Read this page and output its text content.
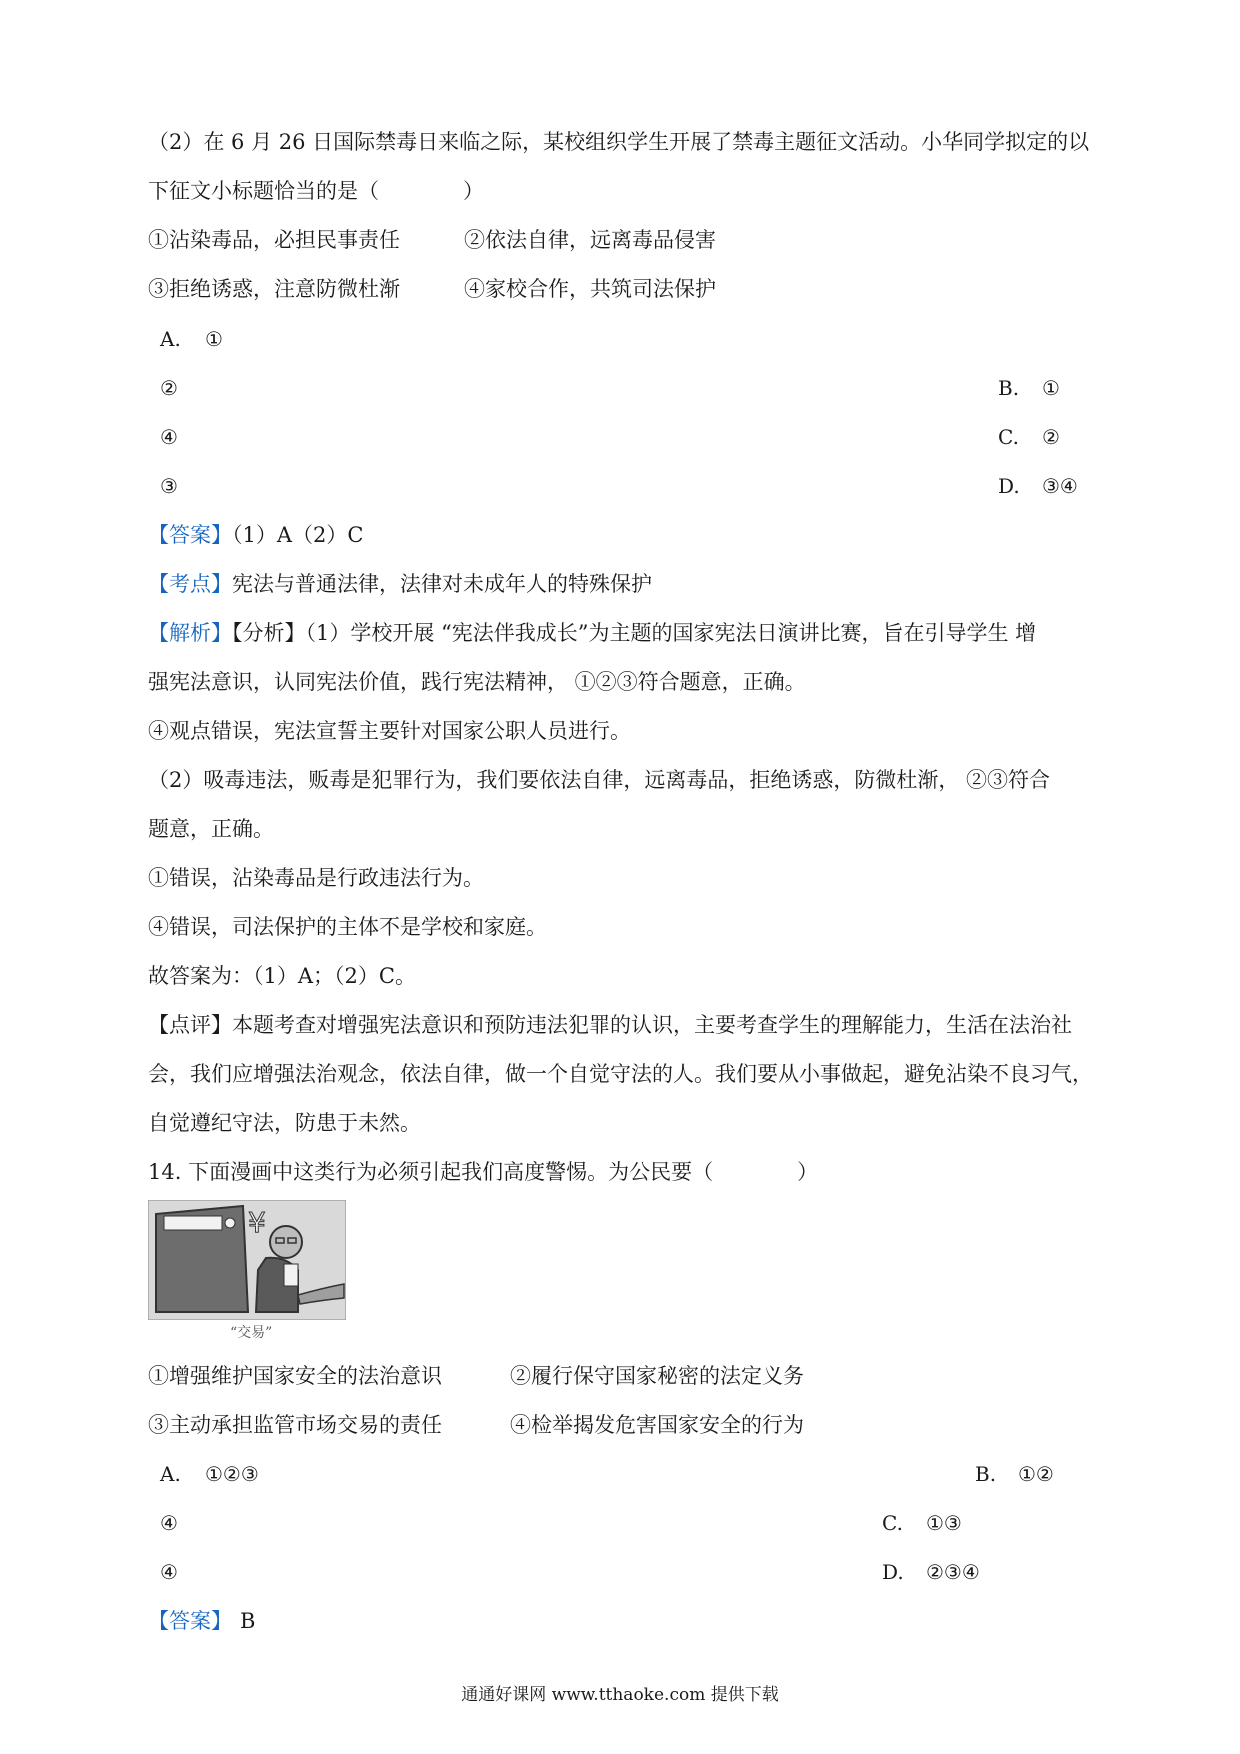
（2）在 6 月 26 日国际禁毒日来临之际，某校组织学生开展了禁毒主题征文活动。小华同学拟定的以
下征文小标题恰当的是（　　　　）
①沾染毒品，必担民事责任	②依法自律，远离毒品侵害
③拒绝诱惑，注意防微杜渐	④家校合作，共筑司法保护
A. ①
②	B. ①
④	C. ②
③	D. ③④
【答案】（1）A（2）C
【考点】宪法与普通法律，法律对未成年人的特殊保护
【解析】【分析】（1）学校开展 “宪法伴我成长”为主题的国家宪法日演讲比赛，旨在引导学生 增
强宪法意识，认同宪法价值，践行宪法精神， ①②③符合题意，正确。
④观点错误，宪法宣誓主要针对国家公职人员进行。
（2）吸毒违法，贩毒是犯罪行为，我们要依法自律，远离毒品，拒绝诱惑，防微杜渐， ②③符合
题意，正确。
①错误，沾染毒品是行政违法行为。
④错误，司法保护的主体不是学校和家庭。
故答案为：（1）A；（2）C。
【点评】本题考查对增强宪法意识和预防违法犯罪的认识，主要考查学生的理解能力，生活在法治社
会，我们应增强法治观念，依法自律，做一个自觉守法的人。我们要从小事做起，避免沾染不良习气，
自觉遵纪守法，防患于未然。
14. 下面漫画中这类行为必须引起我们高度警惕。为公民要（　　　　）
¥
“交易”
①增强维护国家安全的法治意识	②履行保守国家秘密的法定义务
③主动承担监管市场交易的责任	④检举揭发危害国家安全的行为
A. ①②③	B. ①②
④	C. ①③
④	D. ②③④
【答案】 B
通通好课网 www.tthaoke.com 提供下载
